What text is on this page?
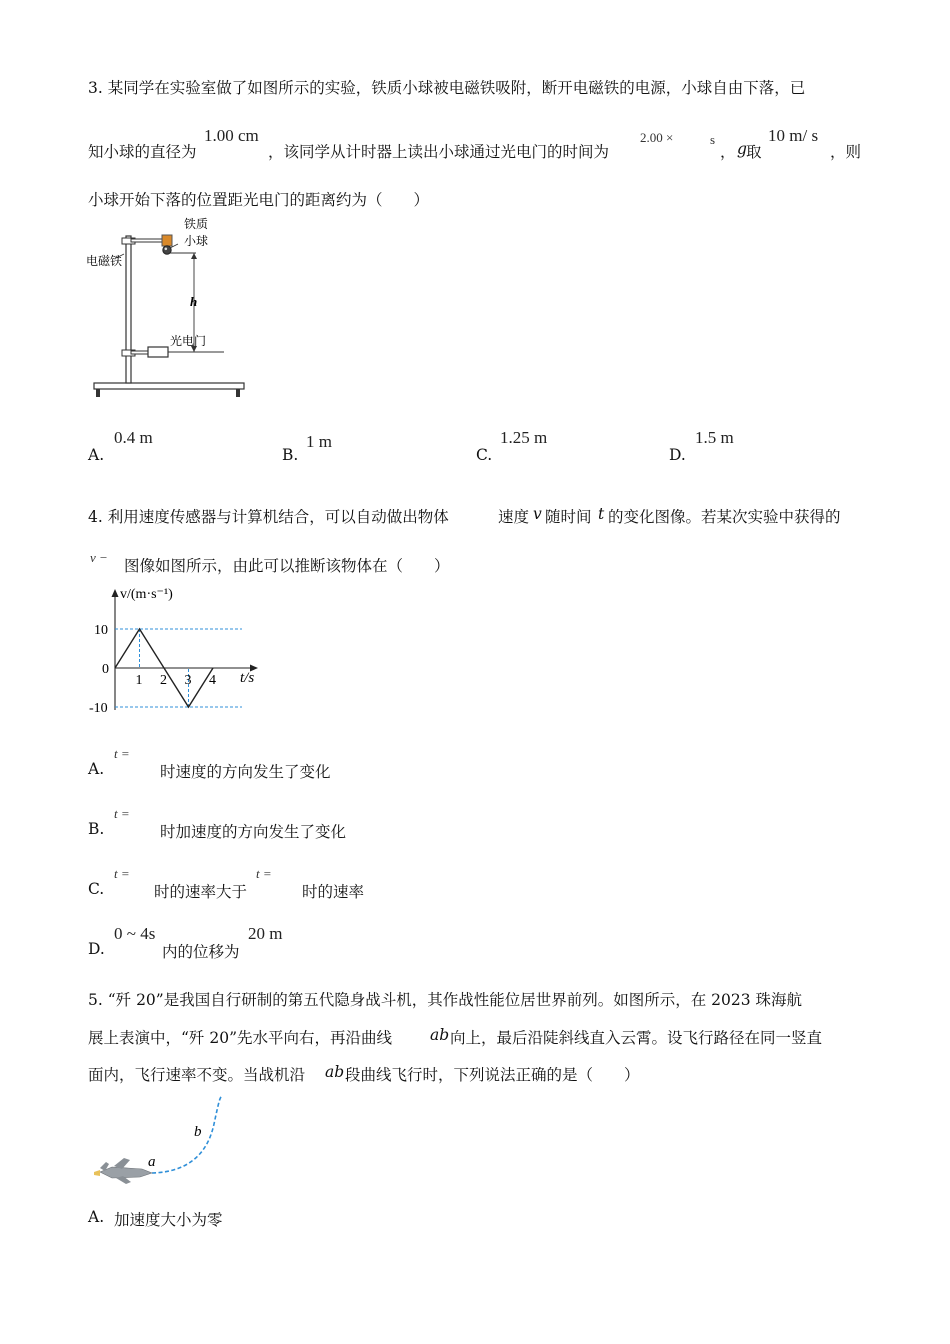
3. 某同学在实验室做了如图所示的实验，铁质小球被电磁铁吸附，断开电磁铁的电源，小球自由下落，已
知小球的直径为
1.00 cm
，该同学从计时器上读出小球通过光电门的时间为
2.00 ×	s
， g 取
10 m/ s
，则
小球开始下落的位置距光电门的距离约为（　　）
铁质
小球
电磁铁
h
光电门
A.
0.4 m
B.
1 m
C.
1.25 m
D.
1.5 m
4. 利用速度传感器与计算机结合，可以自动做出物体	速度 v 随时间 t 的变化图像。若某次实验中获得的
v − 图像如图所示，由此可以推断该物体在（　　）
1 2 3 4
10
0
-10
v/(m·s⁻¹)
t/s
A.
t =
时速度的方向发生了变化
B.
t =
时加速度的方向发生了变化
C.
t =
时的速率大于
t =
时的速率
D.
0 ~ 4s
内的位移为
20 m
5. “歼 20”是我国自行研制的第五代隐身战斗机，其作战性能位居世界前列。如图所示，在 2023 珠海航
展上表演中，“歼 20”先水平向右，再沿曲线 ab 向上，最后沿陡斜线直入云霄。设飞行路径在同一竖直
面内，飞行速率不变。当战机沿 ab 段曲线飞行时，下列说法正确的是（　　）
a
b
A. 加速度大小为零
